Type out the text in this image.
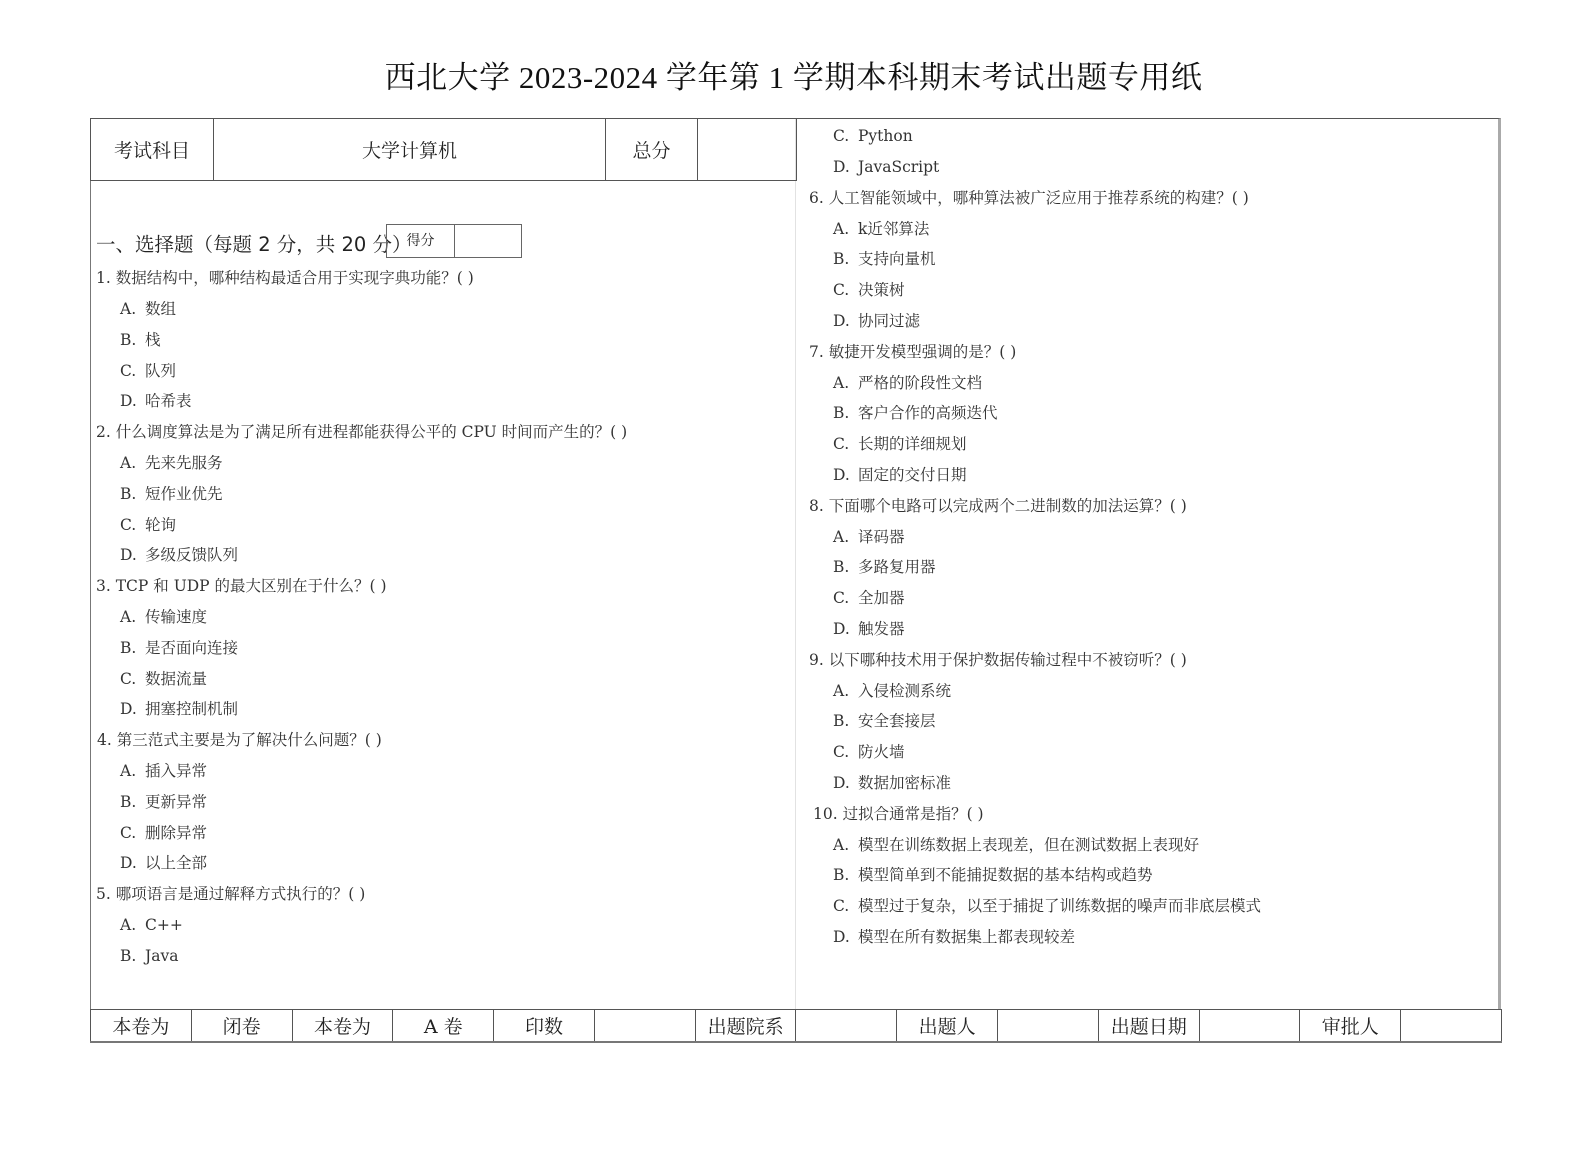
西北大学 2023-2024 学年第 1 学期本科期末考试出题专用纸
考试科目	大学计算机	总分	
一、选择题（每题 2 分，共 20 分）
得分
1. 数据结构中，哪种结构最适合用于实现字典功能？( )
A. 数组
B. 栈
C. 队列
D. 哈希表
2. 什么调度算法是为了满足所有进程都能获得公平的 CPU 时间而产生的？( )
A. 先来先服务
B. 短作业优先
C. 轮询
D. 多级反馈队列
3. TCP 和 UDP 的最大区别在于什么？( )
A. 传输速度
B. 是否面向连接
C. 数据流量
D. 拥塞控制机制
4. 第三范式主要是为了解决什么问题？( )
A. 插入异常
B. 更新异常
C. 删除异常
D. 以上全部
5. 哪项语言是通过解释方式执行的？( )
A. C++
B. Java
C. Python
D. JavaScript
6. 人工智能领域中，哪种算法被广泛应用于推荐系统的构建？( )
A. k近邻算法
B. 支持向量机
C. 决策树
D. 协同过滤
7. 敏捷开发模型强调的是？( )
A. 严格的阶段性文档
B. 客户合作的高频迭代
C. 长期的详细规划
D. 固定的交付日期
8. 下面哪个电路可以完成两个二进制数的加法运算？( )
A. 译码器
B. 多路复用器
C. 全加器
D. 触发器
9. 以下哪种技术用于保护数据传输过程中不被窃听？( )
A. 入侵检测系统
B. 安全套接层
C. 防火墙
D. 数据加密标准
10. 过拟合通常是指？( )
A. 模型在训练数据上表现差，但在测试数据上表现好
B. 模型简单到不能捕捉数据的基本结构或趋势
C. 模型过于复杂，以至于捕捉了训练数据的噪声而非底层模式
D. 模型在所有数据集上都表现较差
本卷为	闭卷	本卷为	A 卷	印数		出题院系		出题人		出题日期		审批人	
